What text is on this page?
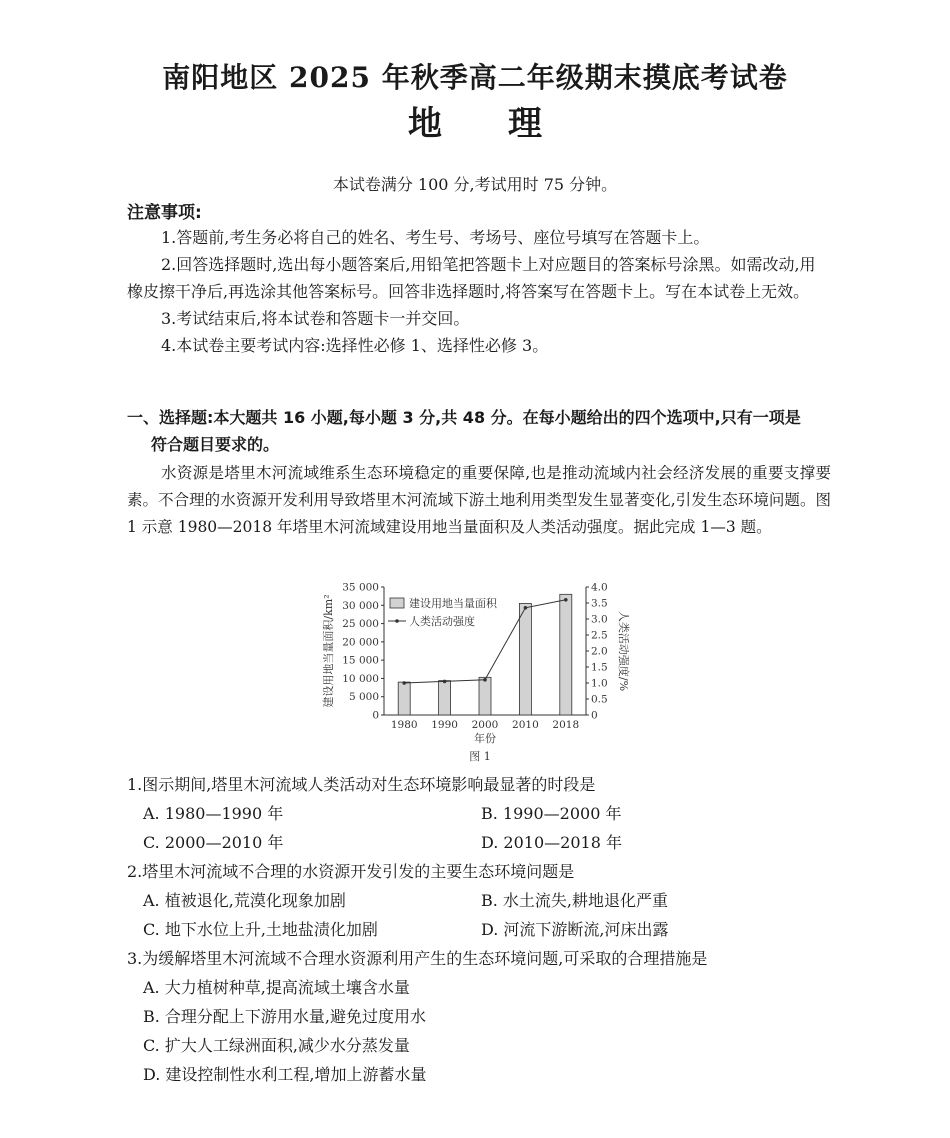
南阳地区 2025 年秋季高二年级期末摸底考试卷
地 理
本试卷满分 100 分,考试用时 75 分钟。
注意事项:

1.答题前,考生务必将自己的姓名、考生号、考场号、座位号填写在答题卡上。

2.回答选择题时,选出每小题答案后,用铅笔把答题卡上对应题目的答案标号涂黑。如需改动,用橡皮擦干净后,再选涂其他答案标号。回答非选择题时,将答案写在答题卡上。写在本试卷上无效。

3.考试结束后,将本试卷和答题卡一并交回。

4.本试卷主要考试内容:选择性必修 1、选择性必修 3。

一、选择题:本大题共 16 小题,每小题 3 分,共 48 分。在每小题给出的四个选项中,只有一项是
符合题目要求的。

水资源是塔里木河流域维系生态环境稳定的重要保障,也是推动流域内社会经济发展的重要支撑要素。不合理的水资源开发利用导致塔里木河流域下游土地利用类型发生显著变化,引发生态环境问题。图 1 示意 1980—2018 年塔里木河流域建设用地当量面积及人类活动强度。据此完成 1—3 题。

建设用地当量面积/km²	人类活动强度/%
年份
图 1
建设用地当量面积
人类活动强度
0
5 000
10 000
15 000
20 000
25 000
30 000
35 000
0
0.5
1.0
1.5
2.0
2.5
3.0
3.5
4.0
1980 1990 2000 2010 2018
1.图示期间,塔里木河流域人类活动对生态环境影响最显著的时段是
A. 1980—1990 年	B. 1990—2000 年
C. 2000—2010 年	D. 2010—2018 年
2.塔里木河流域不合理的水资源开发引发的主要生态环境问题是
A. 植被退化,荒漠化现象加剧	B. 水土流失,耕地退化严重
C. 地下水位上升,土地盐渍化加剧	D. 河流下游断流,河床出露
3.为缓解塔里木河流域不合理水资源利用产生的生态环境问题,可采取的合理措施是
A. 大力植树种草,提高流域土壤含水量
B. 合理分配上下游用水量,避免过度用水
C. 扩大人工绿洲面积,减少水分蒸发量
D. 建设控制性水利工程,增加上游蓄水量
